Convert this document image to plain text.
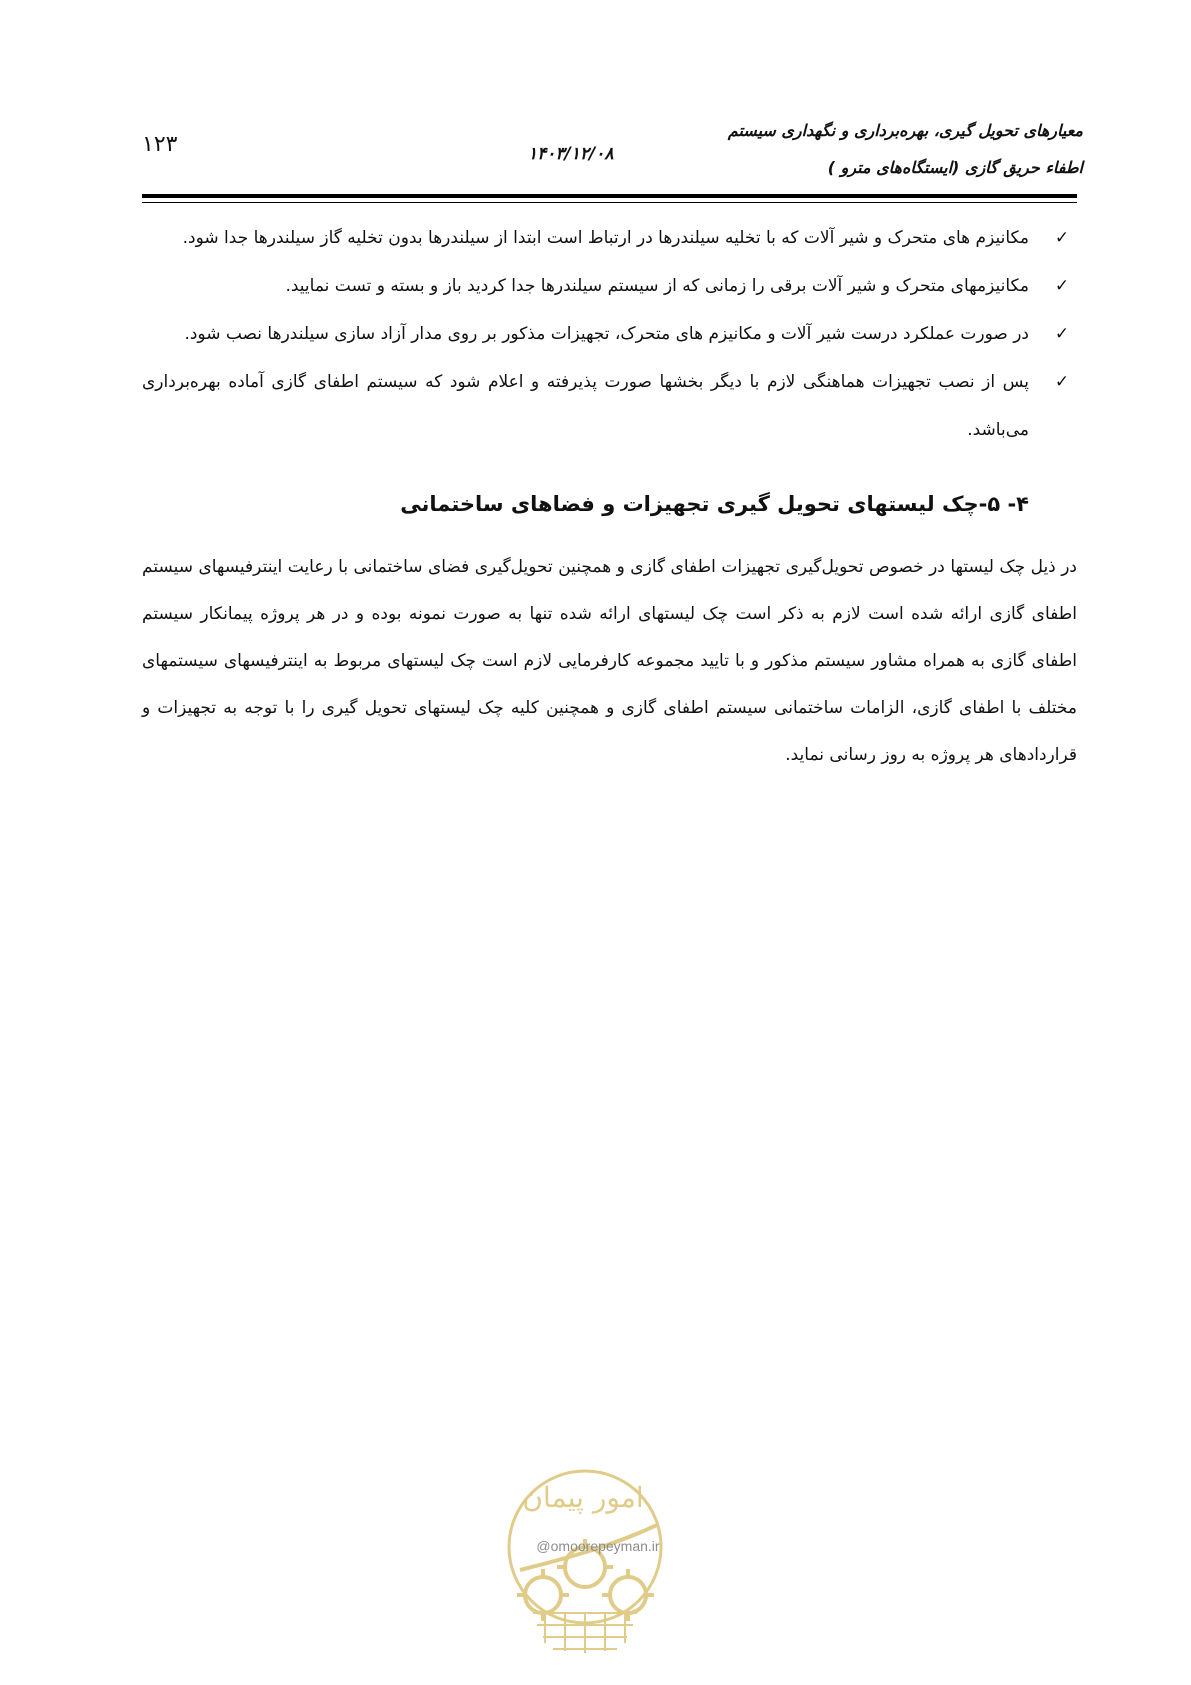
۱۲۳	۱۴۰۳/۱۲/۰۸
معیارهای تحویل گیری، بهره‌برداری و نگهداری سیستم
اطفاء حریق گازی (ایستگاه‌های مترو )
✓
مکانیزم های متحرک و شیر آلات که با تخلیه سیلندرها در ارتباط است ابتدا از سیلندرها بدون تخلیه گاز سیلندرها جدا شود.
✓
مکانیزمهای متحرک و شیر آلات برقی را زمانی که از سیستم سیلندرها جدا کردید باز و بسته و تست نمایید.
✓
در صورت عملکرد درست شیر آلات و مکانیزم های متحرک، تجهیزات مذکور بر روی مدار آزاد سازی سیلندرها نصب شود.
✓
پس از نصب تجهیزات هماهنگی لازم با دیگر بخشها صورت پذیرفته و اعلام شود که سیستم اطفای گازی آماده بهره‌برداری می‌باشد.
۴- ۵-چک لیستهای تحویل گیری تجهیزات و فضاهای ساختمانی

در ذیل چک لیستها در خصوص تحویل‌گیری تجهیزات اطفای گازی و همچنین تحویل‌گیری فضای ساختمانی با رعایت اینترفیسهای سیستم اطفای گازی ارائه شده است لازم به ذکر است چک لیستهای ارائه شده تنها به صورت نمونه بوده و در هر پروژه پیمانکار سیستم اطفای گازی به همراه مشاور سیستم مذکور و با تایید مجموعه کارفرمایی لازم است چک لیستهای مربوط به اینترفیسهای سیستمهای مختلف با اطفای گازی، الزامات ساختمانی سیستم اطفای گازی و همچنین کلیه چک لیستهای تحویل گیری را با توجه به تجهیزات و قراردادهای هر پروژه به روز رسانی نماید.

امور پیمان
@omoorepeyman.ir
